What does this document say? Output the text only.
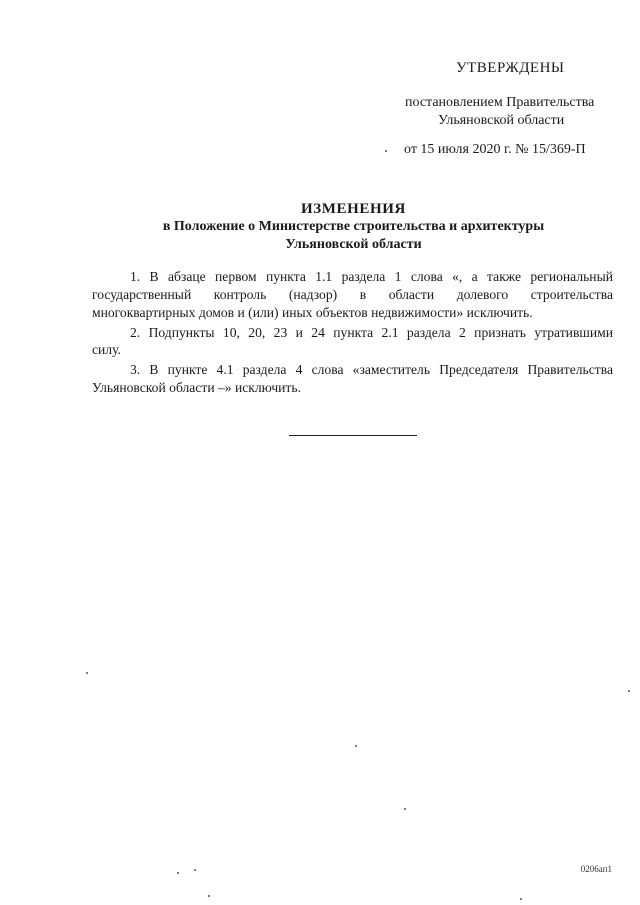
УТВЕРЖДЕНЫ
постановлением Правительства
Ульяновской области
от 15 июля 2020 г. № 15/369-П
ИЗМЕНЕНИЯ
в Положение о Министерстве строительства и архитектуры
Ульяновской области
1. В абзаце первом пункта 1.1 раздела 1 слова «, а также региональный
государственный контроль (надзор) в области долевого строительства
многоквартирных домов и (или) иных объектов недвижимости» исключить.
2. Подпункты 10, 20, 23 и 24 пункта 2.1 раздела 2 признать утратившими
силу.
3. В пункте 4.1 раздела 4 слова «заместитель Председателя Правительства
Ульяновской области –» исключить.
0206ап1
